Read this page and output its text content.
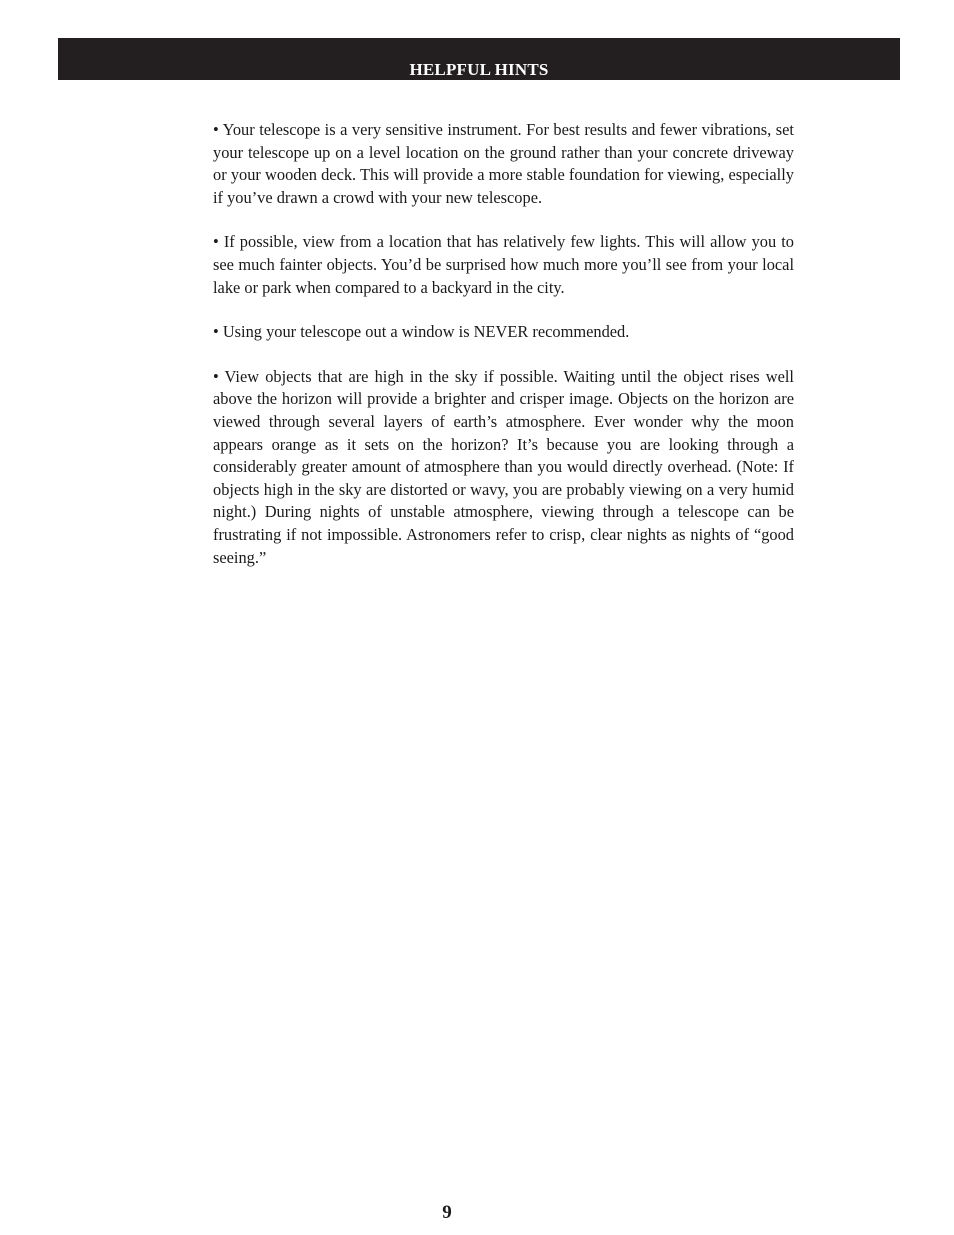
HELPFUL HINTS

• Your telescope is a very sensitive instrument. For best results and fewer vibrations, set your telescope up on a level location on the ground rather than your concrete driveway or your wooden deck. This will provide a more stable foundation for viewing, especially if you’ve drawn a crowd with your new telescope.

• If possible, view from a location that has relatively few lights. This will allow you to see much fainter objects. You’d be surprised how much more you’ll see from your local lake or park when compared to a backyard in the city.

• Using your telescope out a window is NEVER recommended.

• View objects that are high in the sky if possible. Waiting until the object rises well above the horizon will provide a brighter and crisper image. Objects on the horizon are viewed through several layers of earth’s atmosphere. Ever wonder why the moon appears orange as it sets on the horizon? It’s because you are looking through a considerably greater amount of atmosphere than you would directly overhead. (Note: If objects high in the sky are distorted or wavy, you are probably viewing on a very humid night.) During nights of unstable atmosphere, viewing through a telescope can be frustrating if not impossible. Astronomers refer to crisp, clear nights as nights of “good seeing.”

9
